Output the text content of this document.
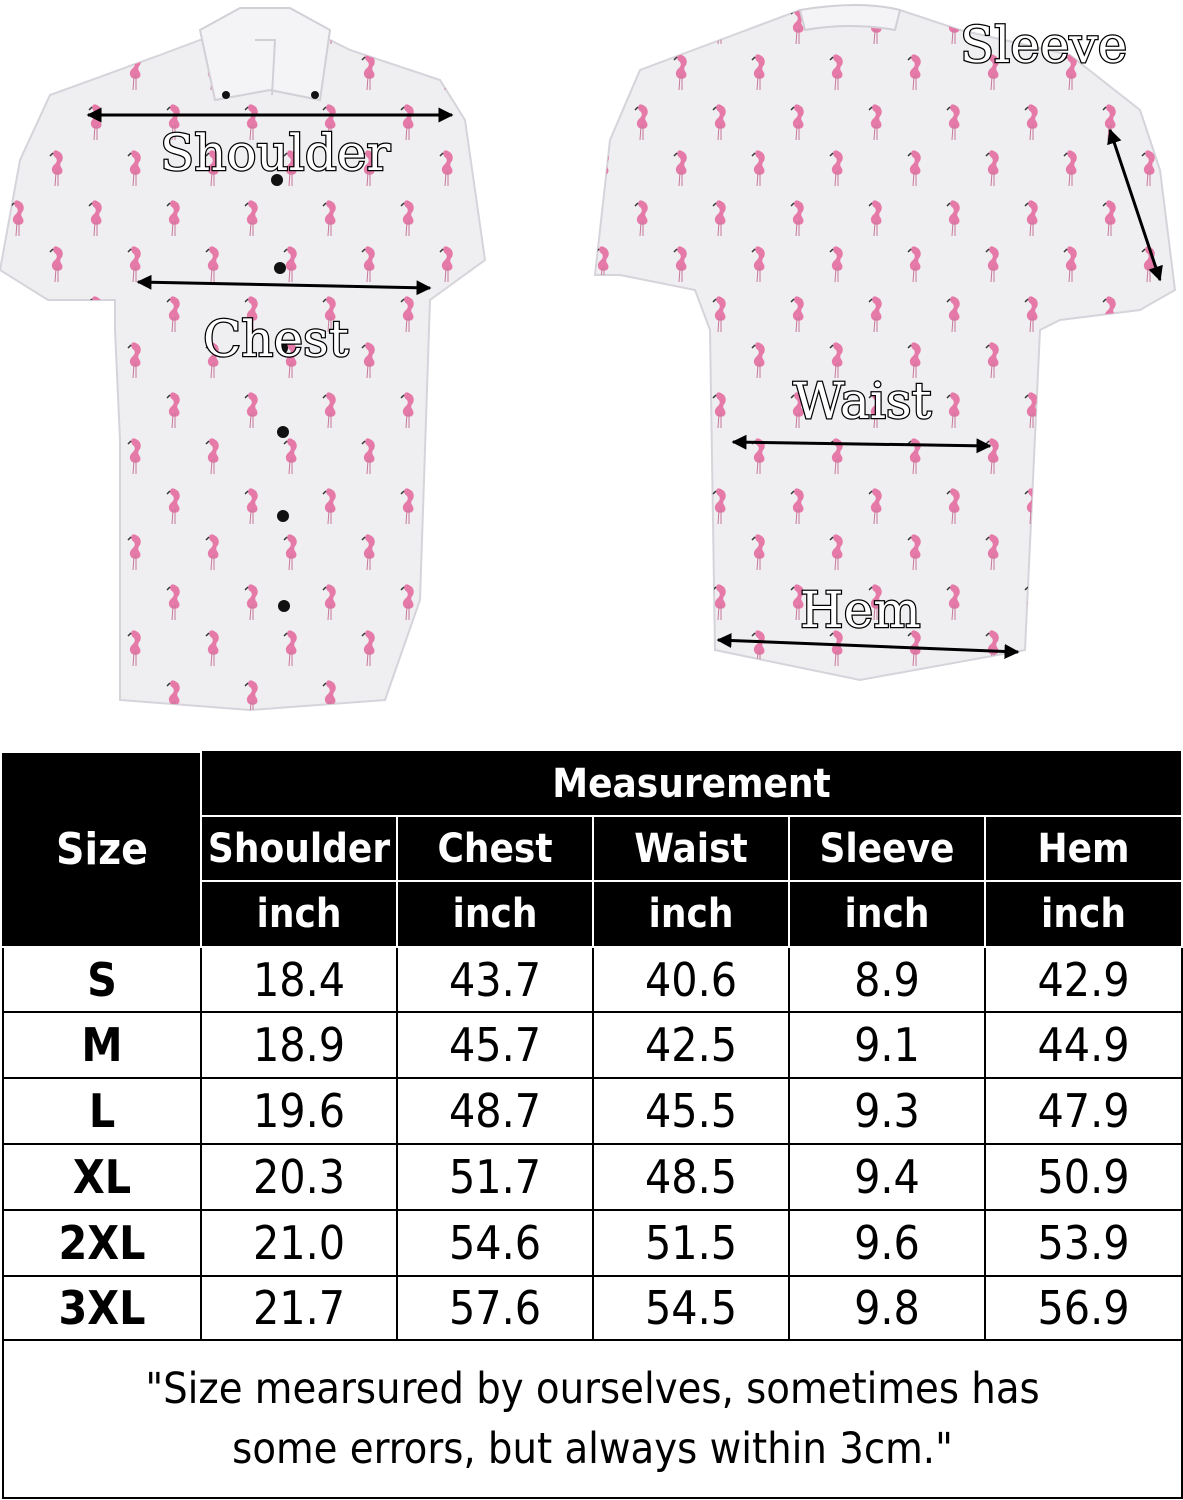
Shoulder
Chest
Sleeve
Waist
Hem
Size	Measurement				
	Shoulder	Chest	Waist	Sleeve	Hem
	inch	inch	inch	inch	inch
S	18.4	43.7	40.6	8.9	42.9
M	18.9	45.7	42.5	9.1	44.9
L	19.6	48.7	45.5	9.3	47.9
XL	20.3	51.7	48.5	9.4	50.9
2XL	21.0	54.6	51.5	9.6	53.9
3XL	21.7	57.6	54.5	9.8	56.9

"Size mearsured by ourselves, sometimes has
some errors, but always within 3cm."					
